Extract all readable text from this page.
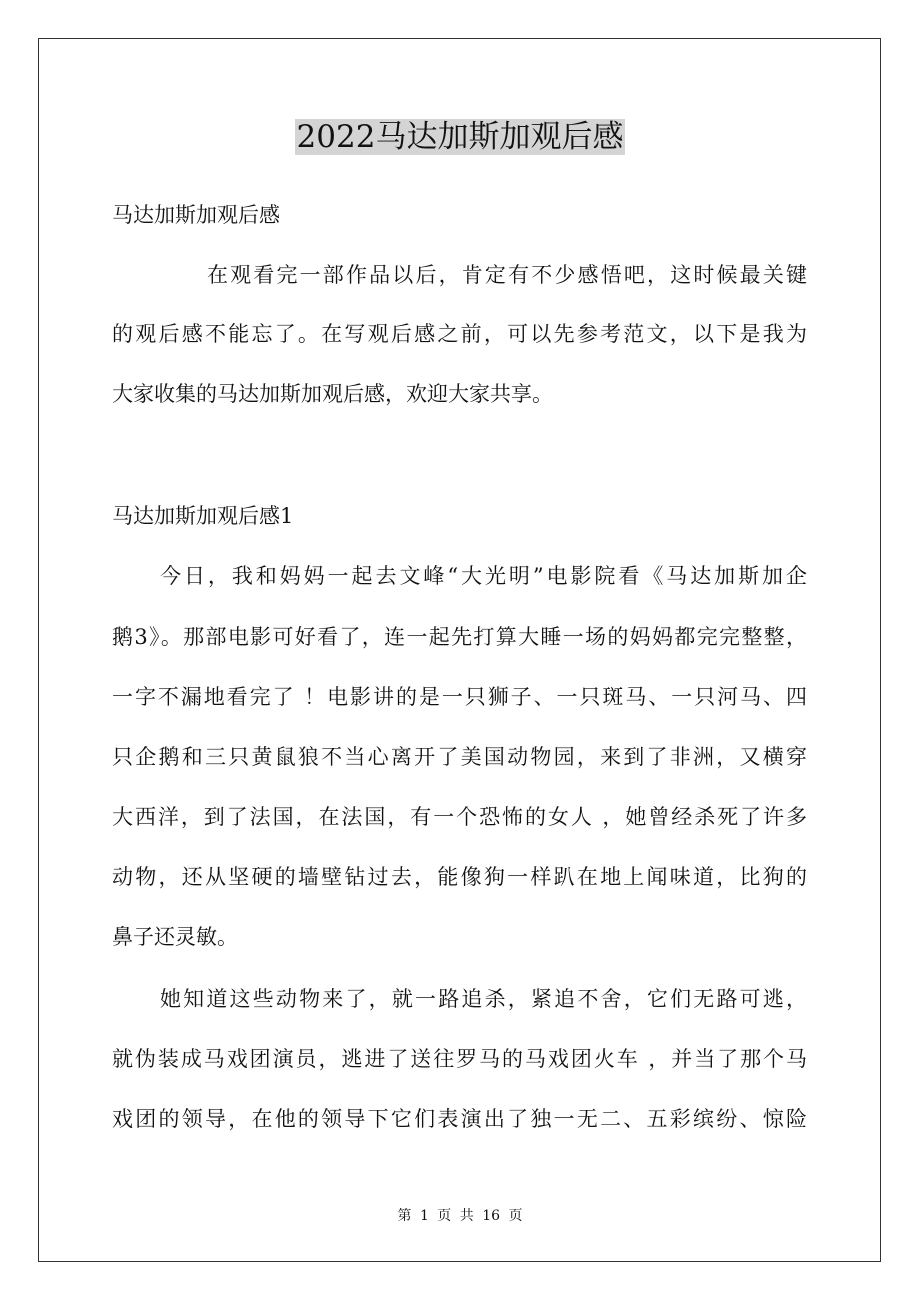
2022马达加斯加观后感

马达加斯加观后感

在观看完一部作品以后，肯定有不少感悟吧，这时候最关键

的观后感不能忘了。在写观后感之前，可以先参考范文，以下是我为

大家收集的马达加斯加观后感，欢迎大家共享。

马达加斯加观后感1

今日，我和妈妈一起去文峰“大光明”电影院看《马达加斯加企

鹅3》。那部电影可好看了，连一起先打算大睡一场的妈妈都完完整整，

一字不漏地看完了 ！电影讲的是一只狮子、一只斑马、一只河马、四

只企鹅和三只黄鼠狼不当心离开了美国动物园，来到了非洲，又横穿

大西洋，到了法国，在法国，有一个恐怖的女人 ，她曾经杀死了许多

动物，还从坚硬的墙壁钻过去，能像狗一样趴在地上闻味道，比狗的

鼻子还灵敏。

她知道这些动物来了，就一路追杀，紧追不舍，它们无路可逃，

就伪装成马戏团演员，逃进了送往罗马的马戏团火车 ，并当了那个马

戏团的领导，在他的领导下它们表演出了独一无二、五彩缤纷、惊险

第 1 页 共 16 页
